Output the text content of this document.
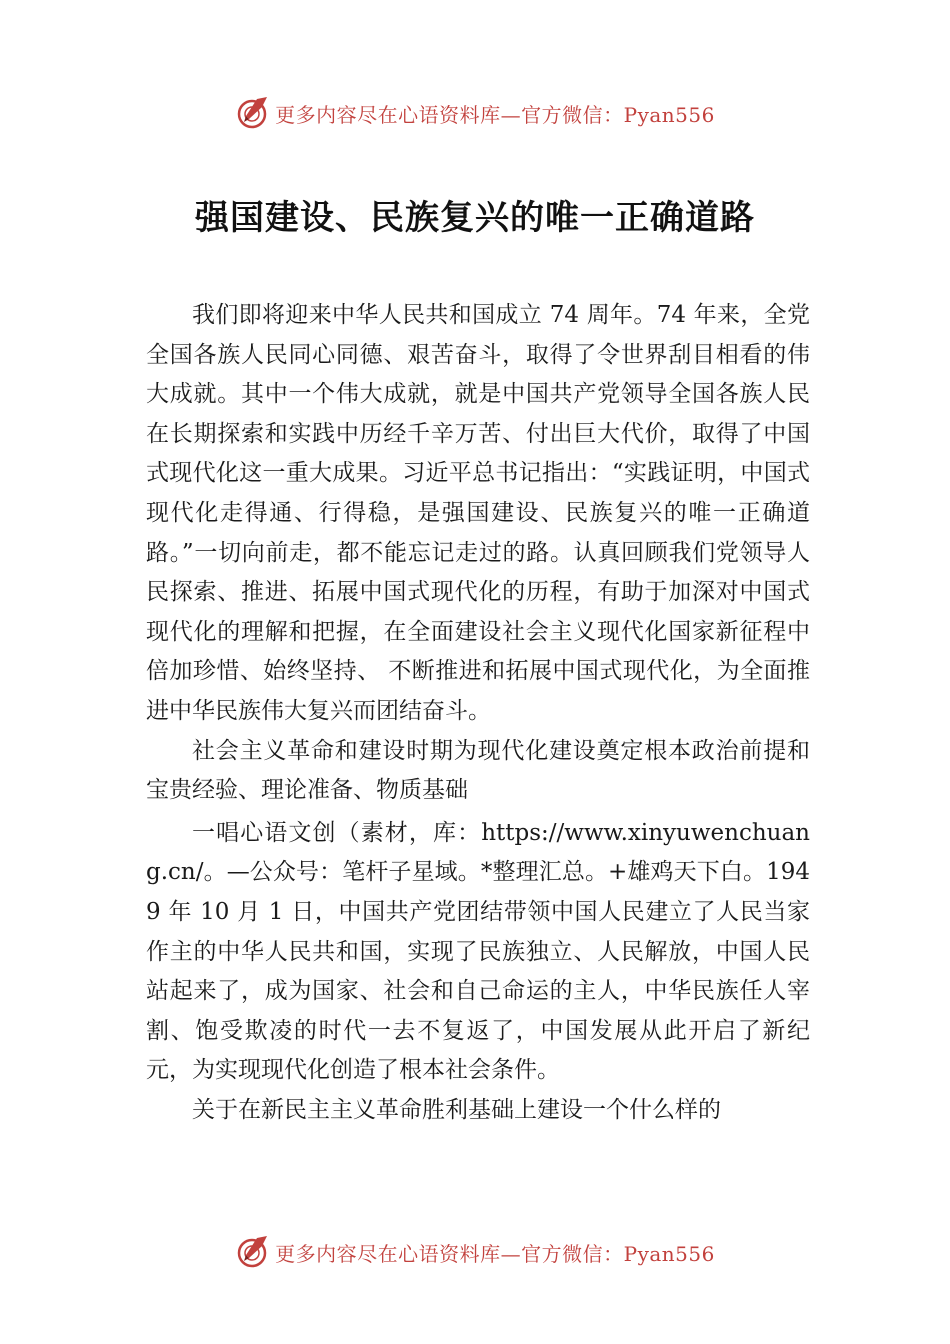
更多内容尽在心语资料库—官方微信：Pyan556
强国建设、民族复兴的唯一正确道路

我们即将迎来中华人民共和国成立 74 周年。74 年来，全党全国各族人民同心同德、艰苦奋斗，取得了令世界刮目相看的伟大成就。其中一个伟大成就，就是中国共产党领导全国各族人民在长期探索和实践中历经千辛万苦、付出巨大代价，取得了中国式现代化这一重大成果。习近平总书记指出：“实践证明，中国式现代化走得通、行得稳，是强国建设、民族复兴的唯一正确道路。”一切向前走，都不能忘记走过的路。认真回顾我们党领导人民探索、推进、拓展中国式现代化的历程，有助于加深对中国式现代化的理解和把握，在全面建设社会主义现代化国家新征程中倍加珍惜、始终坚持、 不断推进和拓展中国式现代化，为全面推进中华民族伟大复兴而团结奋斗。

社会主义革命和建设时期为现代化建设奠定根本政治前提和宝贵经验、理论准备、物质基础

一唱心语文创（素材，库：https://www.xinyuwenchuang.cn/。—公众号：笔杆子星域。*整理汇总。+雄鸡天下白。1949 年 10 月 1 日，中国共产党团结带领中国人民建立了人民当家作主的中华人民共和国，实现了民族独立、人民解放，中国人民站起来了，成为国家、社会和自己命运的主人，中华民族任人宰割、饱受欺凌的时代一去不复返了，中国发展从此开启了新纪元，为实现现代化创造了根本社会条件。

关于在新民主主义革命胜利基础上建设一个什么样的

更多内容尽在心语资料库—官方微信：Pyan556
